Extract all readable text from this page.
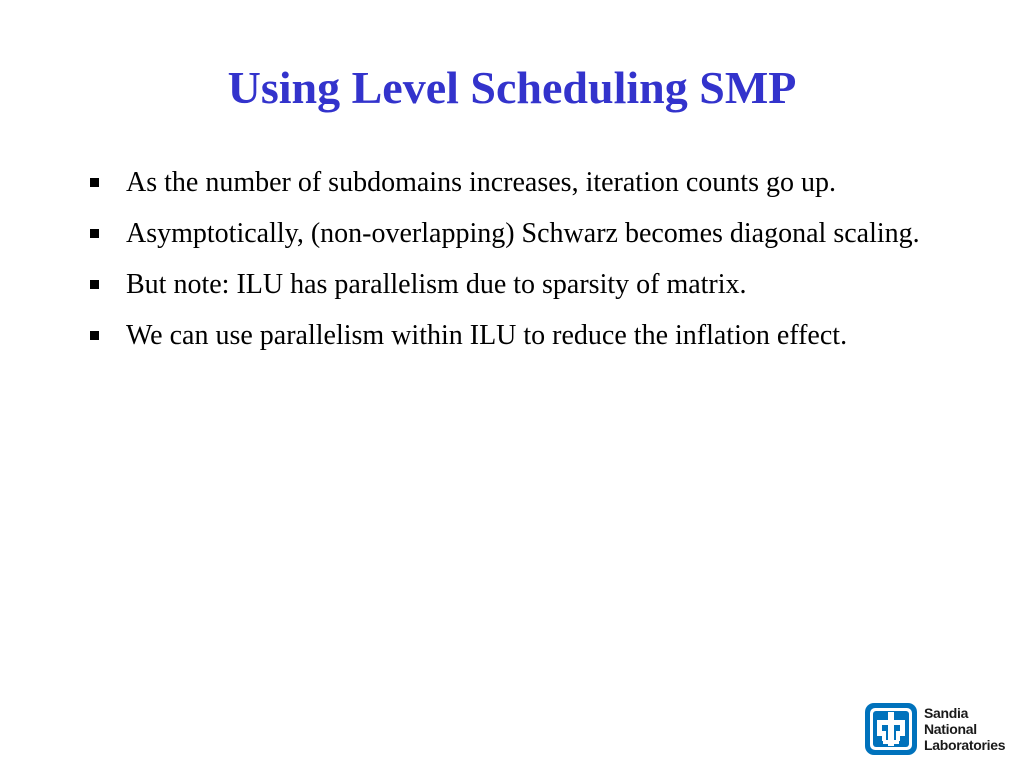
Using Level Scheduling SMP
As the number of subdomains increases, iteration counts go up.
Asymptotically, (non-overlapping) Schwarz becomes diagonal scaling.
But note: ILU has parallelism due to sparsity of matrix.
We can use parallelism within ILU to reduce the inflation effect.
Sandia
National
Laboratories
